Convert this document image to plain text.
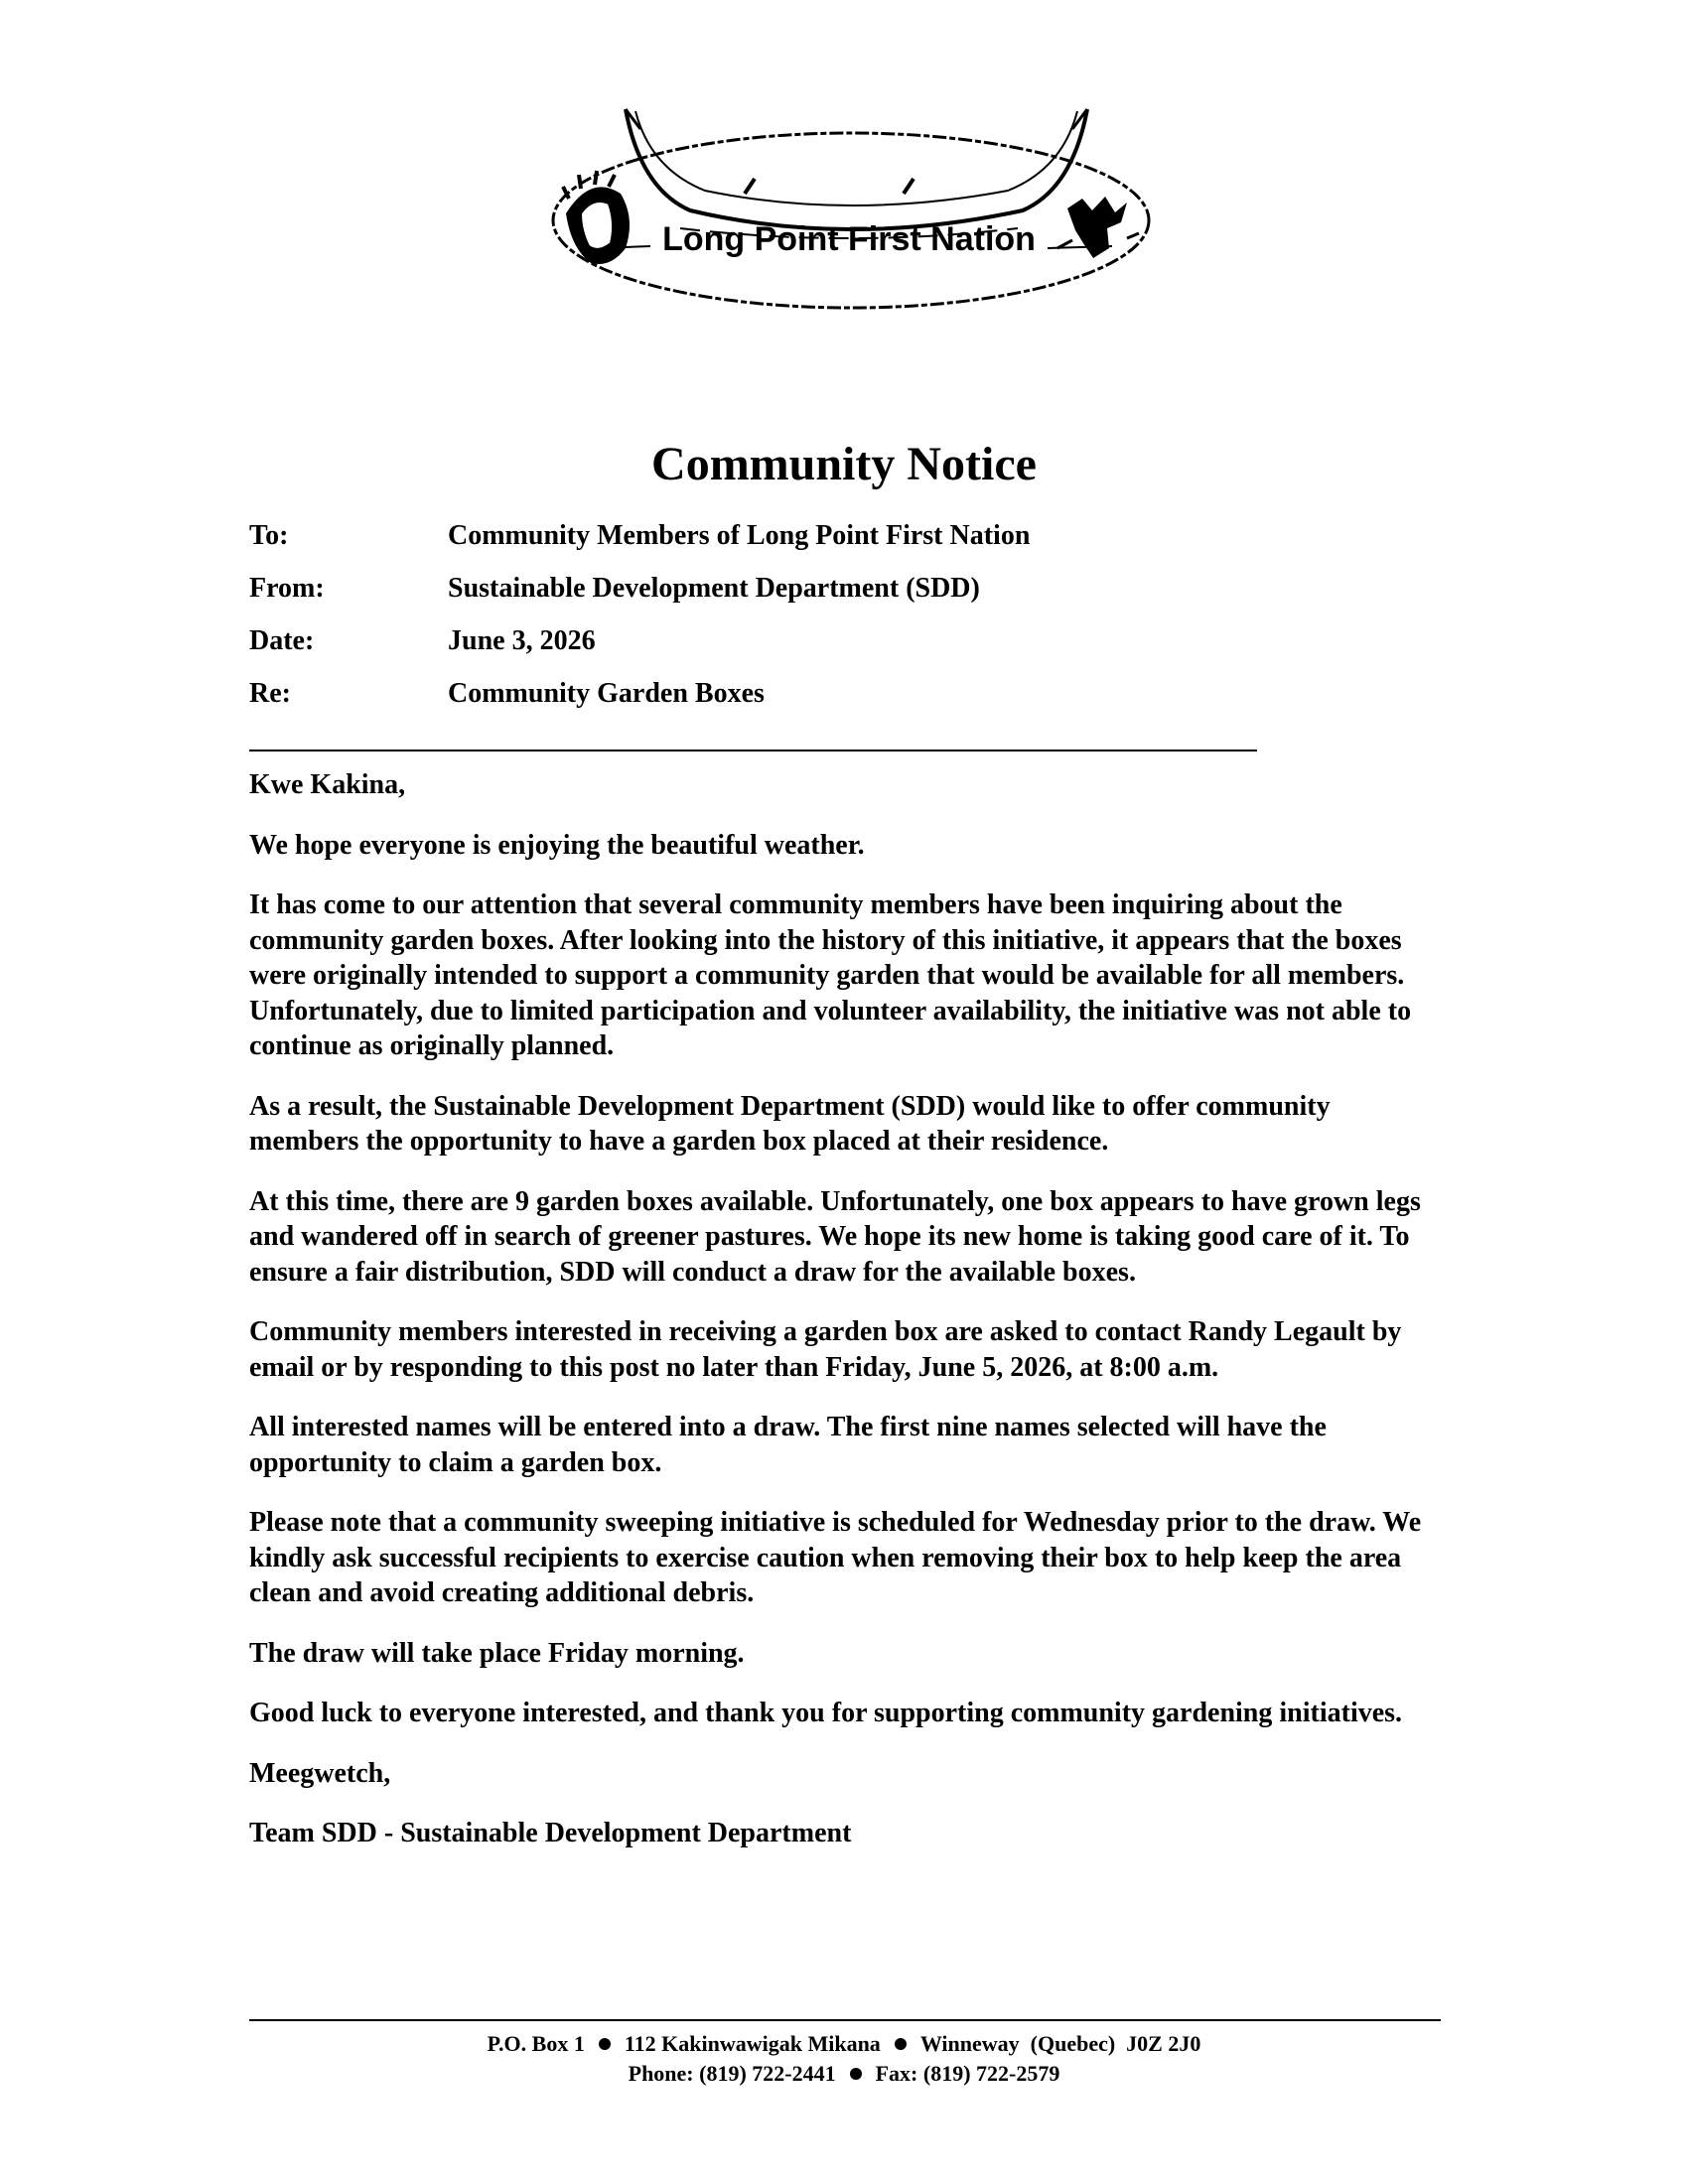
Long Point First Nation
Community Notice
To:	Community Members of Long Point First Nation
From:	Sustainable Development Department (SDD)
Date:	June 3, 2026
Re:	Community Garden Boxes

Kwe Kakina,

We hope everyone is enjoying the beautiful weather.

It has come to our attention that several community members have been inquiring about the community garden boxes. After looking into the history of this initiative, it appears that the boxes were originally intended to support a community garden that would be available for all members. Unfortunately, due to limited participation and volunteer availability, the initiative was not able to continue as originally planned.

As a result, the Sustainable Development Department (SDD) would like to offer community members the opportunity to have a garden box placed at their residence.

At this time, there are 9 garden boxes available. Unfortunately, one box appears to have grown legs and wandered off in search of greener pastures. We hope its new home is taking good care of it. To ensure a fair distribution, SDD will conduct a draw for the available boxes.

Community members interested in receiving a garden box are asked to contact Randy Legault by email or by responding to this post no later than Friday, June 5, 2026, at 8:00 a.m.

All interested names will be entered into a draw. The first nine names selected will have the opportunity to claim a garden box.

Please note that a community sweeping initiative is scheduled for Wednesday prior to the draw. We kindly ask successful recipients to exercise caution when removing their box to help keep the area clean and avoid creating additional debris.

The draw will take place Friday morning.

Good luck to everyone interested, and thank you for supporting community gardening initiatives.

Meegwetch,

Team SDD - Sustainable Development Department

P.O. Box 1 112 Kakinwawigak Mikana Winneway  (Quebec)  J0Z 2J0
Phone: (819) 722-2441 Fax: (819) 722-2579
